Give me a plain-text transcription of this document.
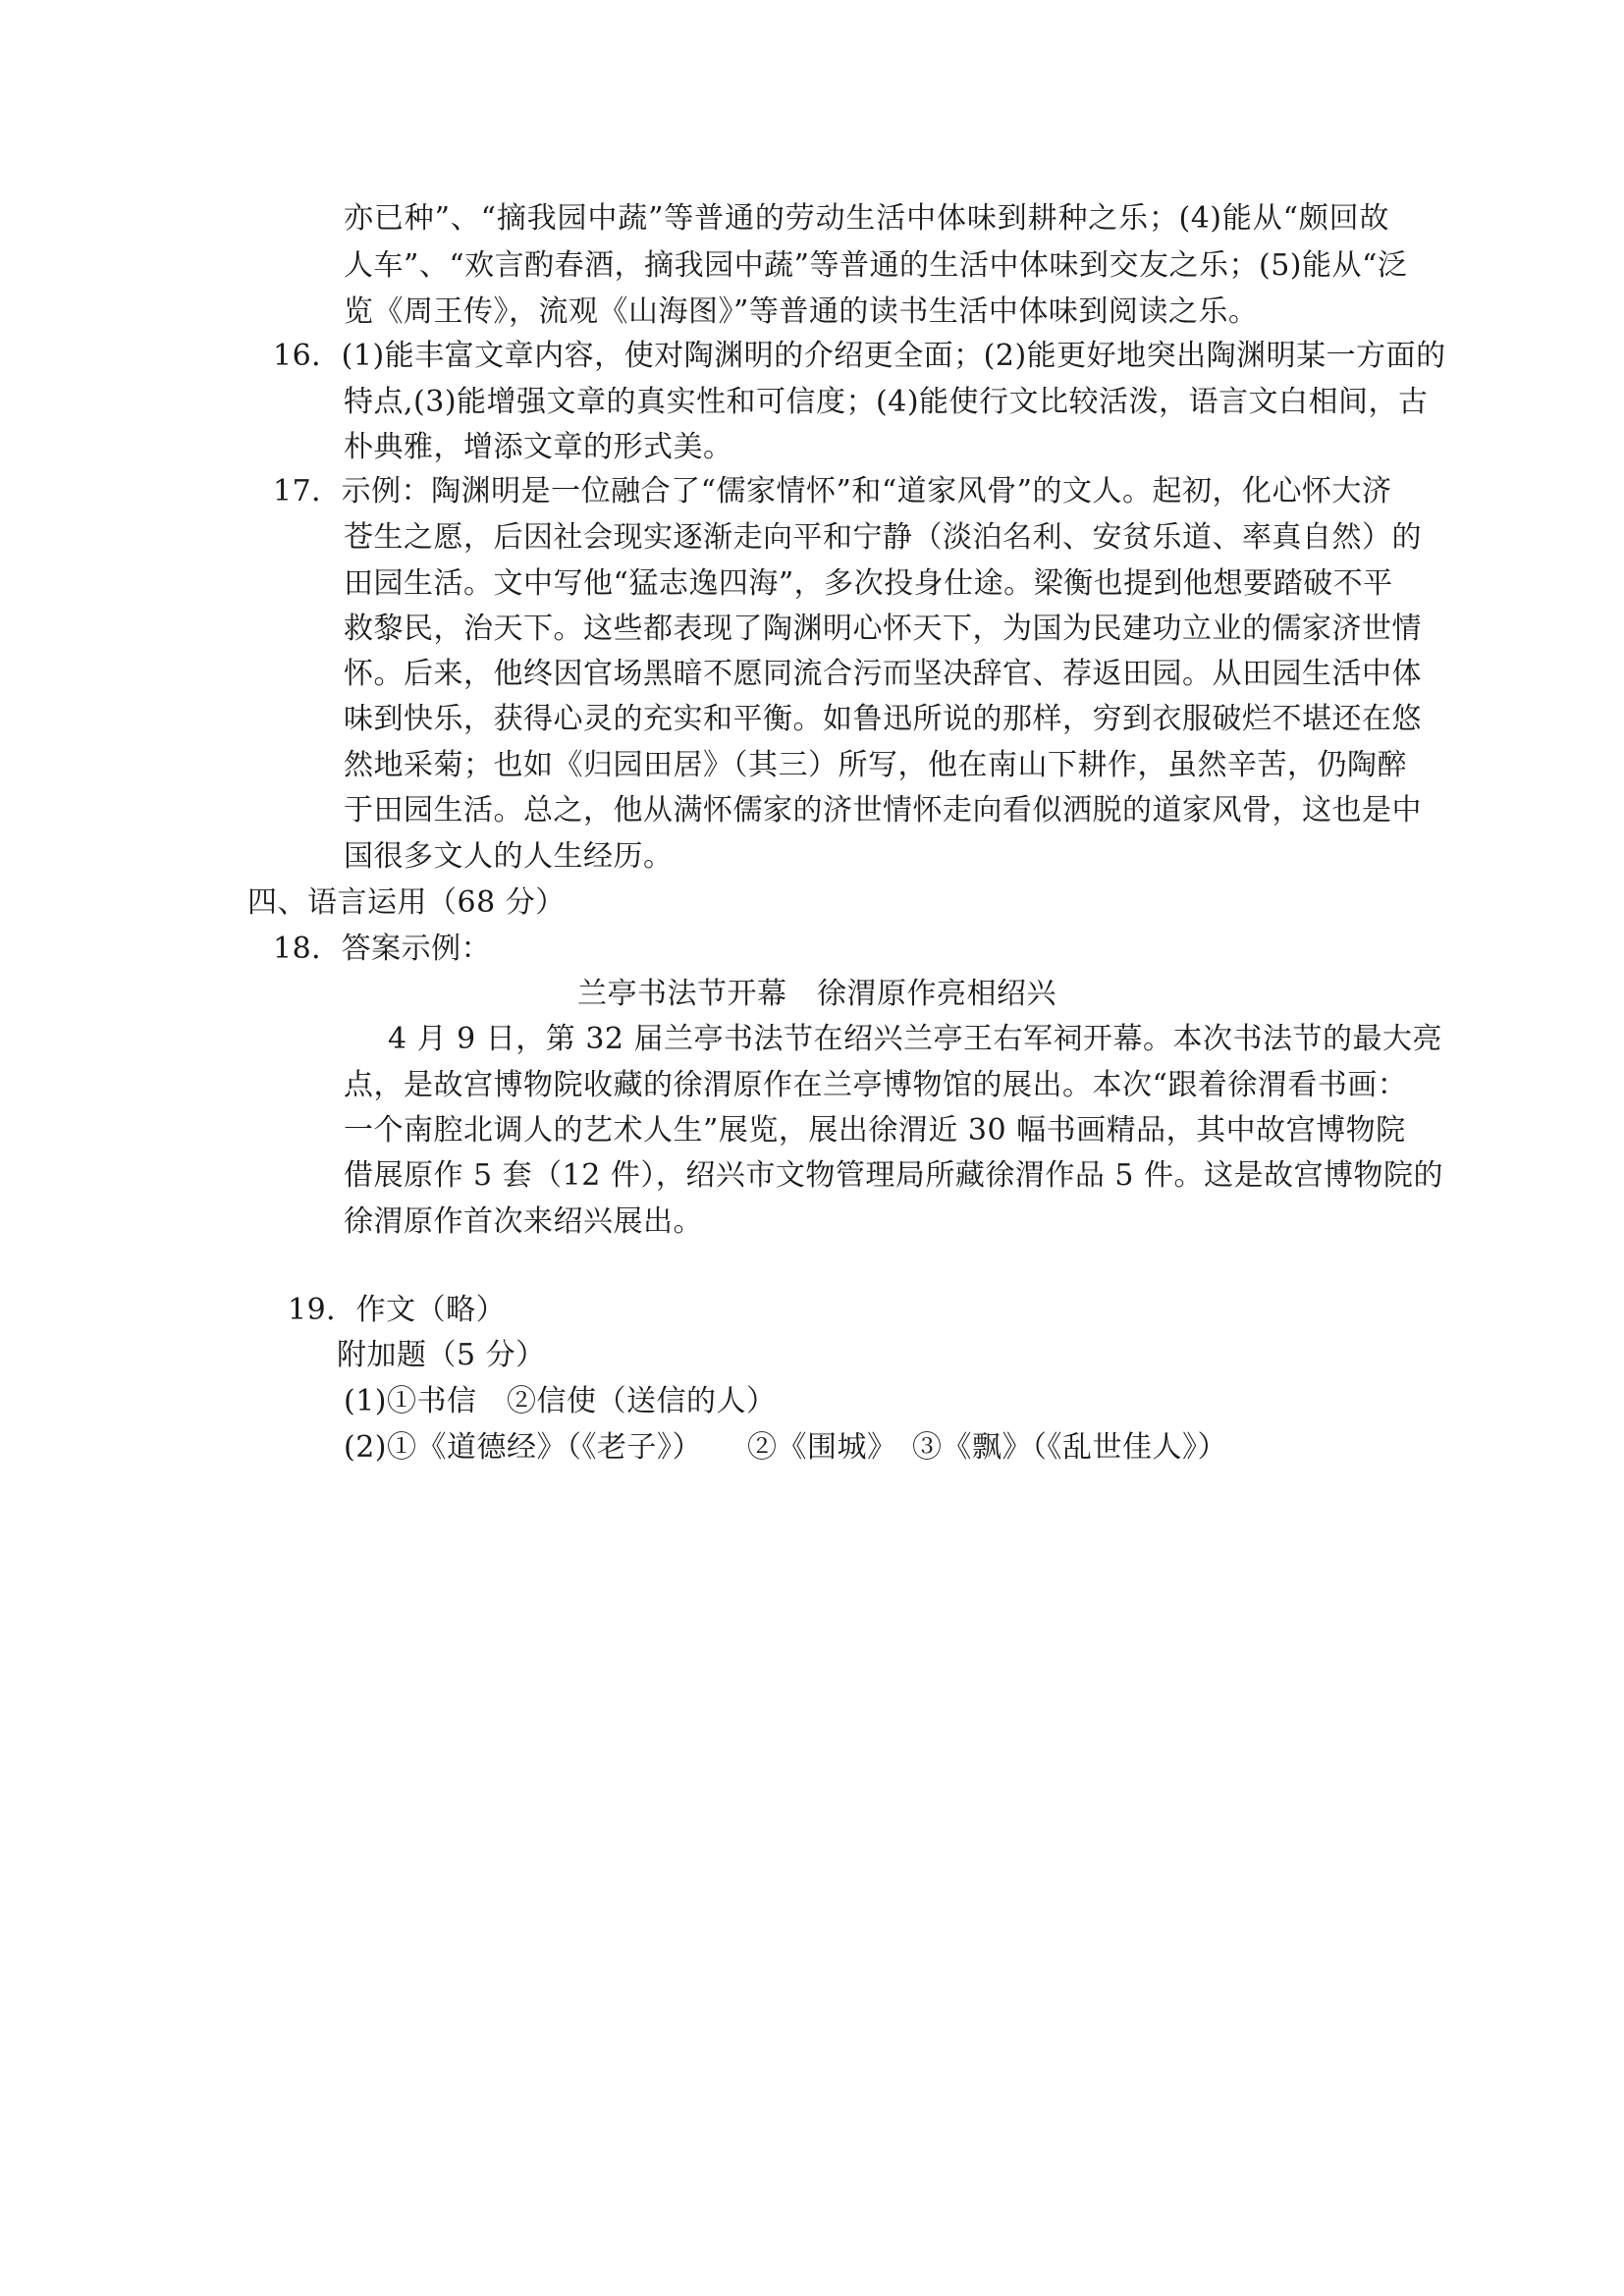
亦已种”、“摘我园中蔬”等普通的劳动生活中体味到耕种之乐；(4)能从“颇回故
人车”、“欢言酌春酒，摘我园中蔬”等普通的生活中体味到交友之乐；(5)能从“泛
览《周王传》，流观《山海图》”等普通的读书生活中体味到阅读之乐。
16．(1)能丰富文章内容，使对陶渊明的介绍更全面；(2)能更好地突出陶渊明某一方面的
特点,(3)能增强文章的真实性和可信度；(4)能使行文比较活泼，语言文白相间，古
朴典雅，增添文章的形式美。
17．示例：陶渊明是一位融合了“儒家情怀”和“道家风骨”的文人。起初，化心怀大济
苍生之愿，后因社会现实逐渐走向平和宁静（淡泊名利、安贫乐道、率真自然）的
田园生活。文中写他“猛志逸四海”，多次投身仕途。梁衡也提到他想要踏破不平
救黎民，治天下。这些都表现了陶渊明心怀天下，为国为民建功立业的儒家济世情
怀。后来，他终因官场黑暗不愿同流合污而坚决辞官、荐返田园。从田园生活中体
味到快乐，获得心灵的充实和平衡。如鲁迅所说的那样，穷到衣服破烂不堪还在悠
然地采菊；也如《归园田居》（其三）所写，他在南山下耕作，虽然辛苦，仍陶醉
于田园生活。总之，他从满怀儒家的济世情怀走向看似洒脱的道家风骨，这也是中
国很多文人的人生经历。
四、语言运用（68 分）
18．答案示例：
兰亭书法节开幕　徐渭原作亮相绍兴
4 月 9 日，第 32 届兰亭书法节在绍兴兰亭王右军祠开幕。本次书法节的最大亮
点，是故宫博物院收藏的徐渭原作在兰亭博物馆的展出。本次“跟着徐渭看书画：
一个南腔北调人的艺术人生”展览，展出徐渭近 30 幅书画精品，其中故宫博物院
借展原作 5 套（12 件），绍兴市文物管理局所藏徐渭作品 5 件。这是故宫博物院的
徐渭原作首次来绍兴展出。
19．作文（略）
附加题（5 分）
(1)①书信　②信使（送信的人）
(2)①《道德经》（《老子》）　　②《围城》　③《飘》（《乱世佳人》）
